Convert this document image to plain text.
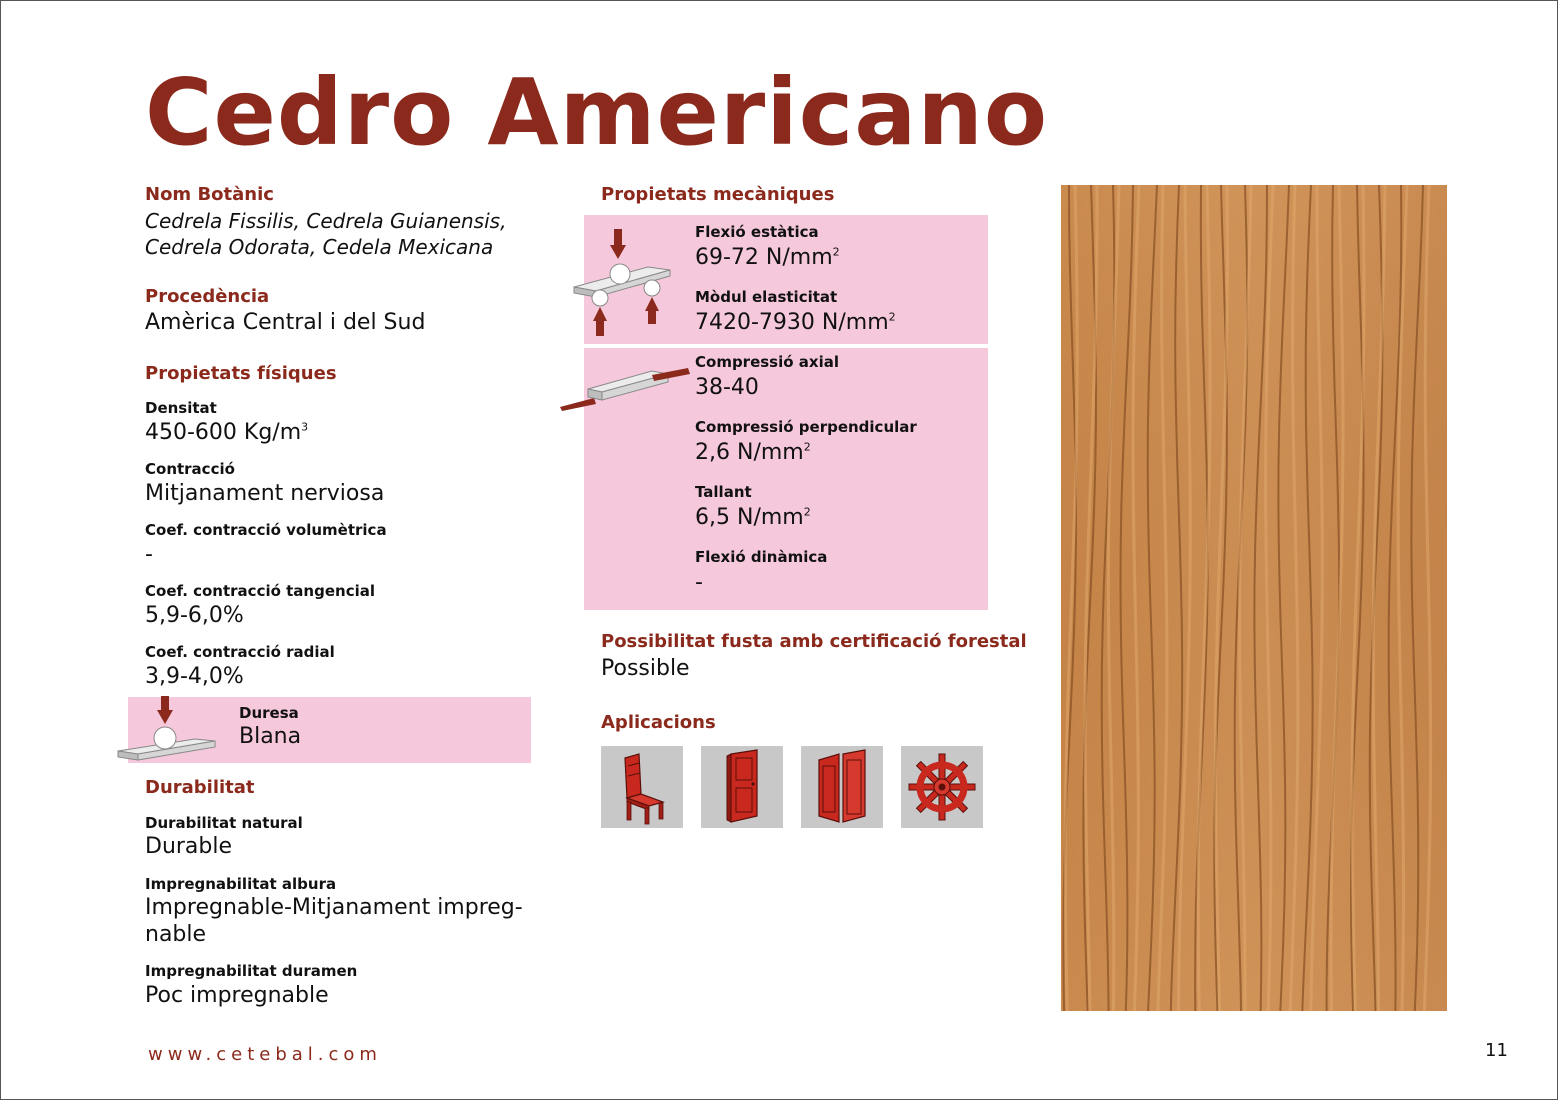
Cedro Americano
Nom Botànic
Cedrela Fissilis, Cedrela Guianensis,
Cedrela Odorata, Cedela Mexicana
Procedència
Amèrica Central i del Sud
Propietats físiques
Densitat
450-600 $Kg/m^3$
Contracció
Mitjanament nerviosa
Coef. contracció volumètrica
-
Coef. contracció tangencial
5,9-6,0%
Coef. contracció radial
3,9-4,0%
Duresa
Blana
Durabilitat
Durabilitat natural
Durable
Impregnabilitat albura
Impregnable-Mitjanament impreg-
nable
Impregnabilitat duramen
Poc impregnable
Propietats mecàniques
Flexió estàtica
69-72 $N/mm^2$
Mòdul elasticitat
7420-7930 $N/mm^2$
Compressió axial
38-40
Compressió perpendicular
2,6 $N/mm^2$
Tallant
6,5 $N/mm^2$
Flexió dinàmica
-
Possibilitat fusta amb certificació forestal
Possible
Aplicacions
www.cetebal.com	11
